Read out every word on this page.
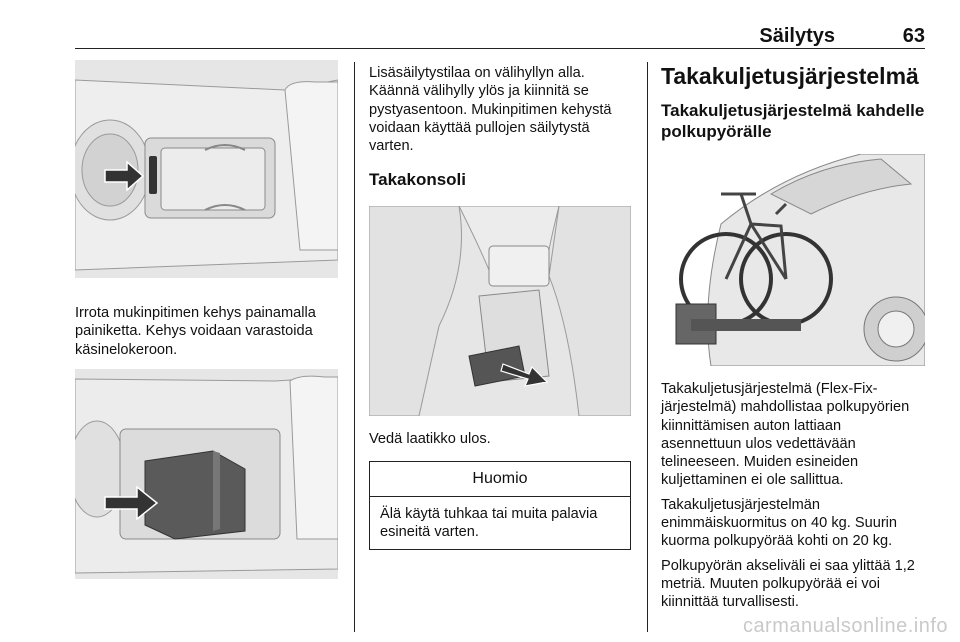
Säilytys	63

Irrota mukinpitimen kehys painamalla painiketta. Kehys voidaan varastoida käsinelokeroon.

Lisäsäilytystilaa on välihyllyn alla. Käännä välihylly ylös ja kiinnitä se pystyasentoon. Mukinpitimen kehystä voidaan käyttää pullojen säilytystä varten.

Takakonsoli

Vedä laatikko ulos.

Huomio
Älä käytä tuhkaa tai muita palavia esineitä varten.
Takakuljetusjärjestelmä
Takakuljetusjärjestelmä kahdelle polkupyörälle

Takakuljetusjärjestelmä (Flex-Fix-järjestelmä) mahdollistaa polkupyörien kiinnittämisen auton lattiaan asennettuun ulos vedettävään telineeseen. Muiden esineiden kuljettaminen ei ole sallittua.

Takakuljetusjärjestelmän enimmäiskuormitus on 40 kg. Suurin kuorma polkupyörää kohti on 20 kg.

Polkupyörän akseliväli ei saa ylittää 1,2 metriä. Muuten polkupyörää ei voi kiinnittää turvallisesti.

carmanualsonline.info
